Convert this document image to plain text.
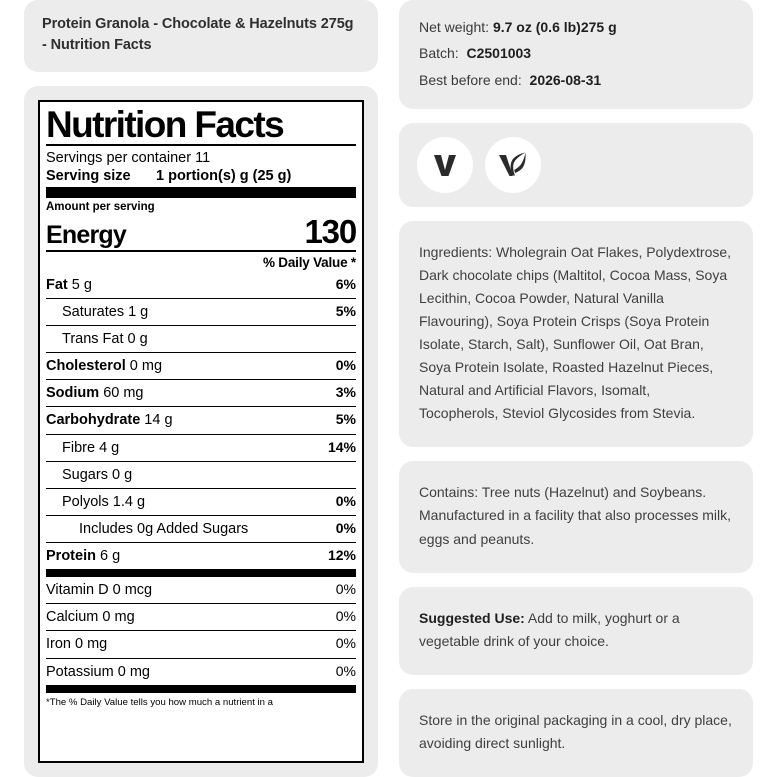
Protein Granola - Chocolate & Hazelnuts 275g - Nutrition Facts
Nutrition Facts
Servings per container 11
Serving size	1 portion(s) g (25 g)
Amount per serving
Energy	130
% Daily Value *
Fat 5 g	6%
Saturates 1 g	5%
Trans Fat 0 g
Cholesterol 0 mg	0%
Sodium 60 mg	3%
Carbohydrate 14 g	5%
Fibre 4 g	14%
Sugars 0 g
Polyols 1.4 g	0%
Includes 0g Added Sugars	0%
Protein 6 g	12%
Vitamin D 0 mcg	0%
Calcium 0 mg	0%
Iron 0 mg	0%
Potassium 0 mg	0%
*The % Daily Value tells you how much a nutrient in a
Net weight: 9.7 oz (0.6 lb)275 g
Batch: C2501003
Best before end: 2026-08-31
Ingredients: Wholegrain Oat Flakes, Polydextrose, Dark chocolate chips (Maltitol, Cocoa Mass, Soya Lecithin, Cocoa Powder, Natural Vanilla Flavouring), Soya Protein Crisps (Soya Protein Isolate, Starch, Salt), Sunflower Oil, Oat Bran, Soya Protein Isolate, Roasted Hazelnut Pieces, Natural and Artificial Flavors, Isomalt, Tocopherols, Steviol Glycosides from Stevia.
Contains: Tree nuts (Hazelnut) and Soybeans. Manufactured in a facility that also processes milk, eggs and peanuts.
Suggested Use: Add to milk, yoghurt or a vegetable drink of your choice.
Store in the original packaging in a cool, dry place, avoiding direct sunlight.
